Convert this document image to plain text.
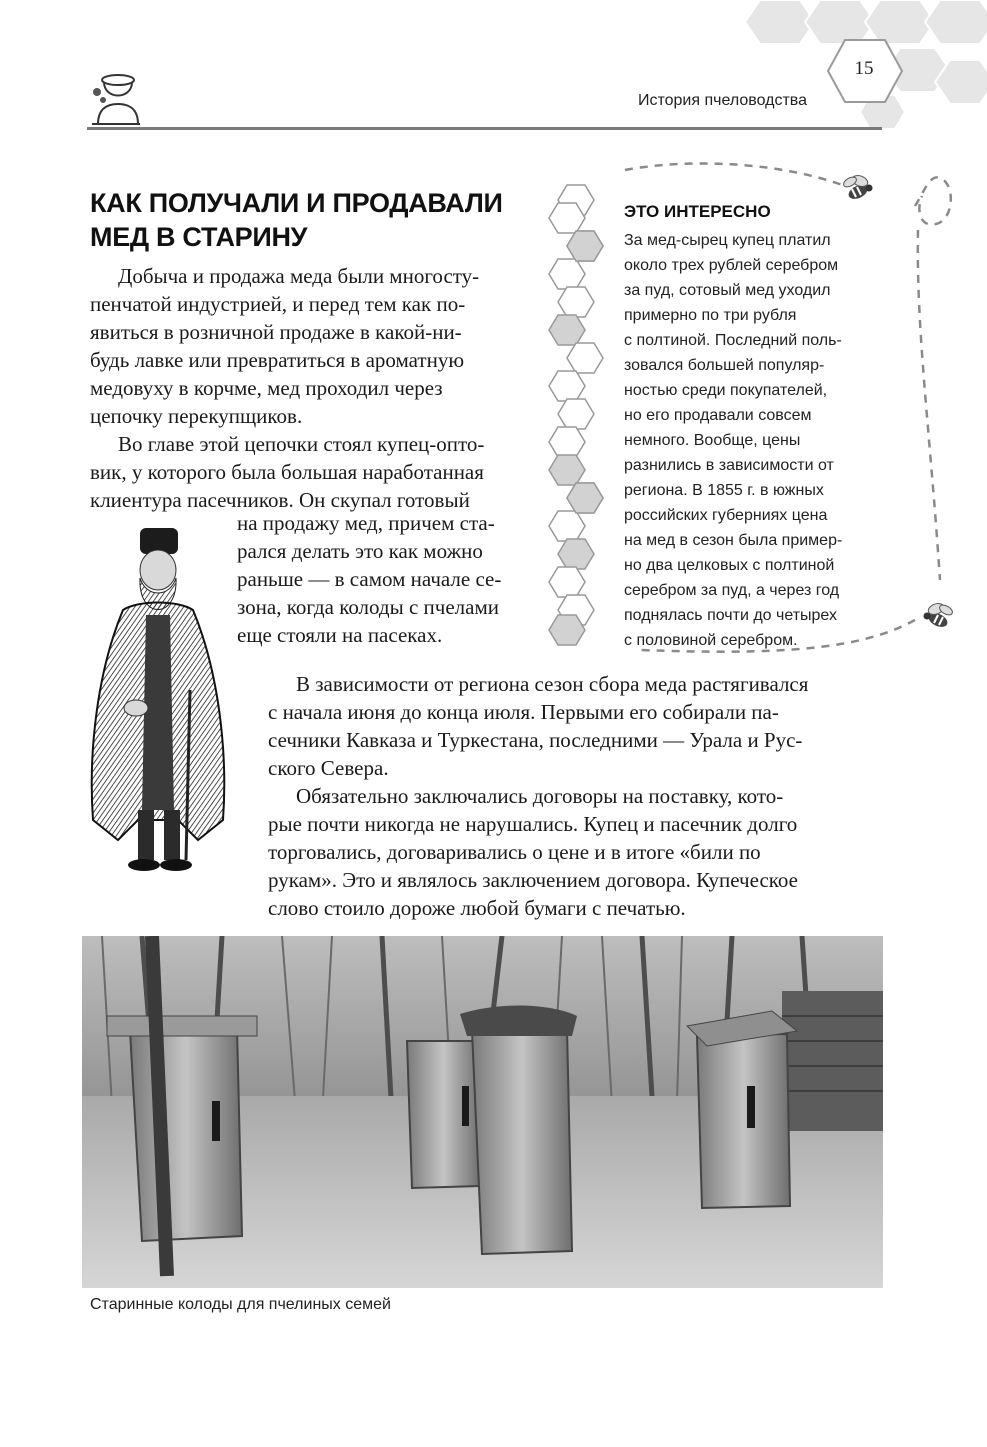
15
История пчеловодства
КАК ПОЛУЧАЛИ И ПРОДАВАЛИ
МЕД В СТАРИНУ
Добыча и продажа меда были многосту-
пенчатой индустрией, и перед тем как по-
явиться в розничной продаже в какой-ни-
будь лавке или превратиться в ароматную
медовуху в корчме, мед проходил через
цепочку перекупщиков.
Во главе этой цепочки стоял купец-опто-
вик, у которого была большая наработанная
клиентура пасечников. Он скупал готовый
на продажу мед, причем ста-
рался делать это как можно
раньше — в самом начале се-
зона, когда колоды с пчелами
еще стояли на пасеках.
В зависимости от региона сезон сбора меда растягивался
с начала июня до конца июля. Первыми его собирали па-
сечники Кавказа и Туркестана, последними — Урала и Рус-
ского Севера.
Обязательно заключались договоры на поставку, кото-
рые почти никогда не нарушались. Купец и пасечник долго
торговались, договаривались о цене и в итоге «били по
рукам». Это и являлось заключением договора. Купеческое
слово стоило дороже любой бумаги с печатью.
ЭТО ИНТЕРЕСНО
За мед-сырец купец платил
около трех рублей серебром
за пуд, сотовый мед уходил
примерно по три рубля
с полтиной. Последний поль-
зовался большей популяр-
ностью среди покупателей,
но его продавали совсем
немного. Вообще, цены
разнились в зависимости от
региона. В 1855 г. в южных
российских губерниях цена
на мед в сезон была пример-
но два целковых с полтиной
серебром за пуд, а через год
поднялась почти до четырех
с половиной серебром.
Старинные колоды для пчелиных семей
